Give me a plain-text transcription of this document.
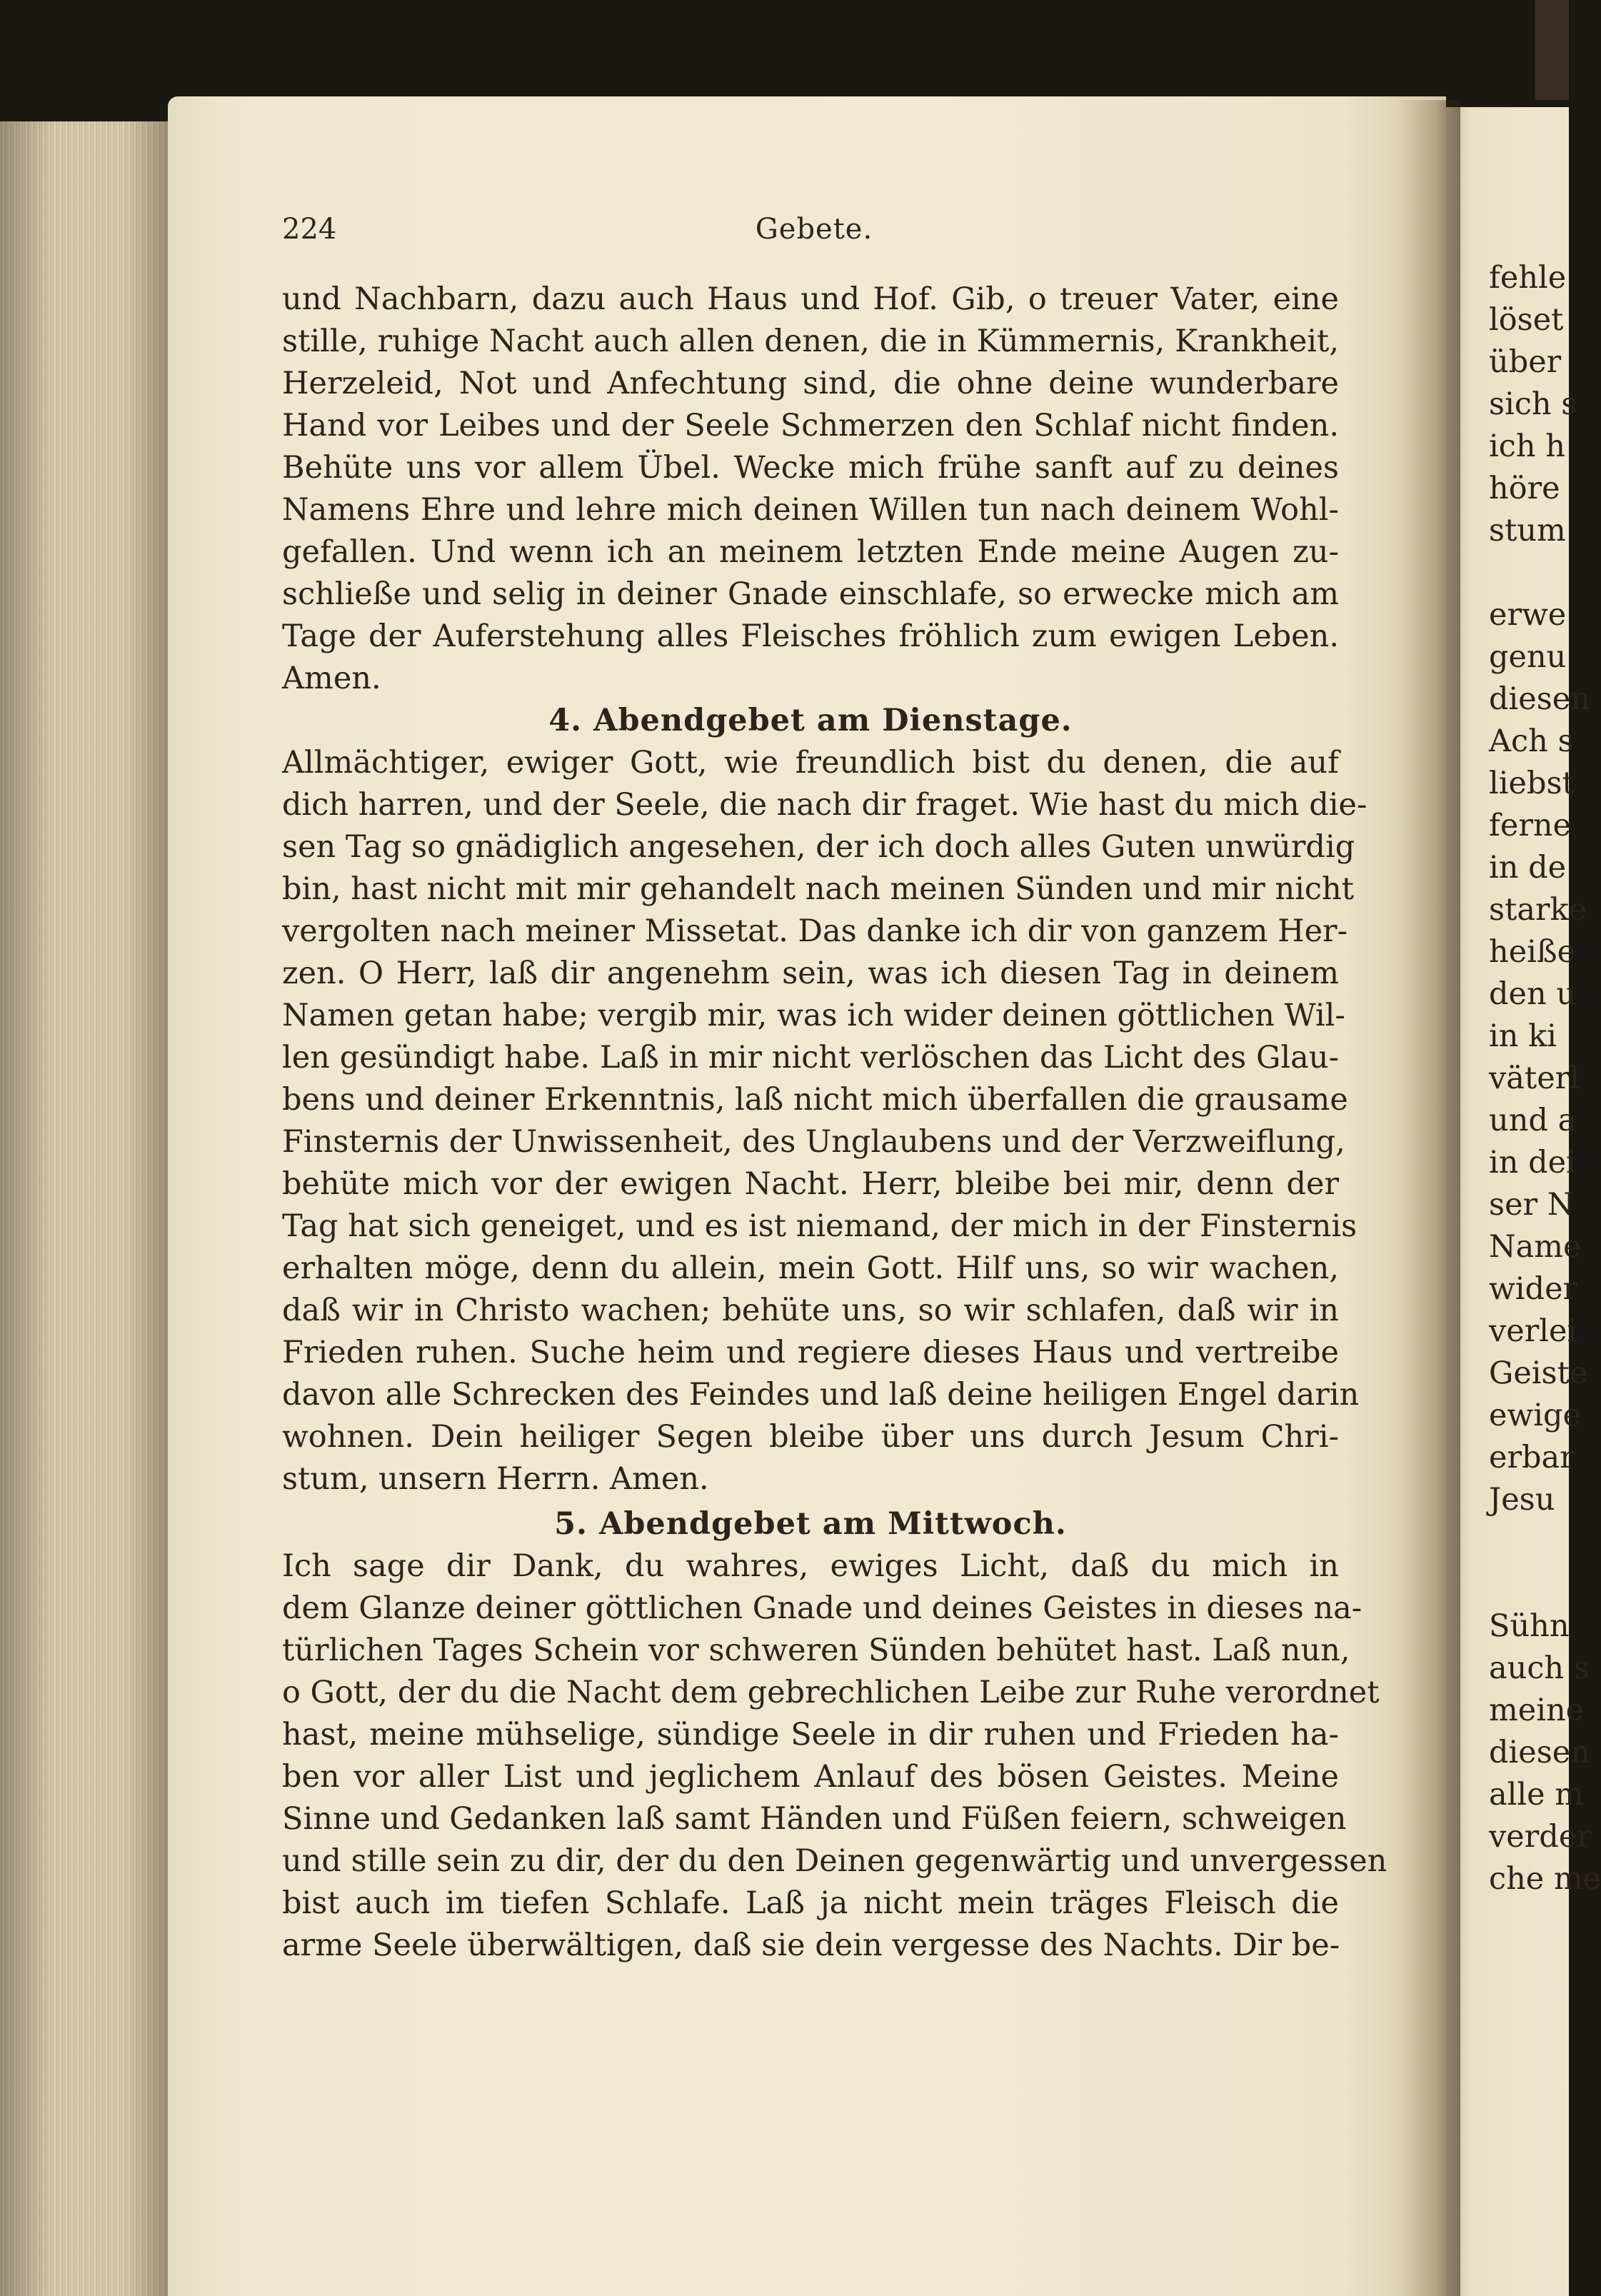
224	Gebete.
und Nachbarn, dazu auch Haus und Hof. Gib, o treuer Vater, eine
stille, ruhige Nacht auch allen denen, die in Kümmernis, Krankheit,
Herzeleid, Not und Anfechtung sind, die ohne deine wunderbare
Hand vor Leibes und der Seele Schmerzen den Schlaf nicht finden.
Behüte uns vor allem Übel. Wecke mich frühe sanft auf zu deines
Namens Ehre und lehre mich deinen Willen tun nach deinem Wohl-
gefallen. Und wenn ich an meinem letzten Ende meine Augen zu-
schließe und selig in deiner Gnade einschlafe, so erwecke mich am
Tage der Auferstehung alles Fleisches fröhlich zum ewigen Leben.
Amen.
4. Abendgebet am Dienstage.
Allmächtiger, ewiger Gott, wie freundlich bist du denen, die auf
dich harren, und der Seele, die nach dir fraget. Wie hast du mich die-
sen Tag so gnädiglich angesehen, der ich doch alles Guten unwürdig
bin, hast nicht mit mir gehandelt nach meinen Sünden und mir nicht
vergolten nach meiner Missetat. Das danke ich dir von ganzem Her-
zen. O Herr, laß dir angenehm sein, was ich diesen Tag in deinem
Namen getan habe; vergib mir, was ich wider deinen göttlichen Wil-
len gesündigt habe. Laß in mir nicht verlöschen das Licht des Glau-
bens und deiner Erkenntnis, laß nicht mich überfallen die grausame
Finsternis der Unwissenheit, des Unglaubens und der Verzweiflung,
behüte mich vor der ewigen Nacht. Herr, bleibe bei mir, denn der
Tag hat sich geneiget, und es ist niemand, der mich in der Finsternis
erhalten möge, denn du allein, mein Gott. Hilf uns, so wir wachen,
daß wir in Christo wachen; behüte uns, so wir schlafen, daß wir in
Frieden ruhen. Suche heim und regiere dieses Haus und vertreibe
davon alle Schrecken des Feindes und laß deine heiligen Engel darin
wohnen. Dein heiliger Segen bleibe über uns durch Jesum Chri-
stum, unsern Herrn. Amen.
5. Abendgebet am Mittwoch.
Ich sage dir Dank, du wahres, ewiges Licht, daß du mich in
dem Glanze deiner göttlichen Gnade und deines Geistes in dieses na-
türlichen Tages Schein vor schweren Sünden behütet hast. Laß nun,
o Gott, der du die Nacht dem gebrechlichen Leibe zur Ruhe verordnet
hast, meine mühselige, sündige Seele in dir ruhen und Frieden ha-
ben vor aller List und jeglichem Anlauf des bösen Geistes. Meine
Sinne und Gedanken laß samt Händen und Füßen feiern, schweigen
und stille sein zu dir, der du den Deinen gegenwärtig und unvergessen
bist auch im tiefen Schlafe. Laß ja nicht mein träges Fleisch die
arme Seele überwältigen, daß sie dein vergesse des Nachts. Dir be-
fehle
löset
über
sich s
ich h
höre
stum
erwe
genu
diesen
Ach s
liebst
ferne
in de
starke
heiße
den u
in ki
väterl
und a
in dei
ser N
Name
wider
verlei
Geiste
ewige
erbar
Jesu
Sühn
auch s
meine
diesen
alle m
verder
che me
